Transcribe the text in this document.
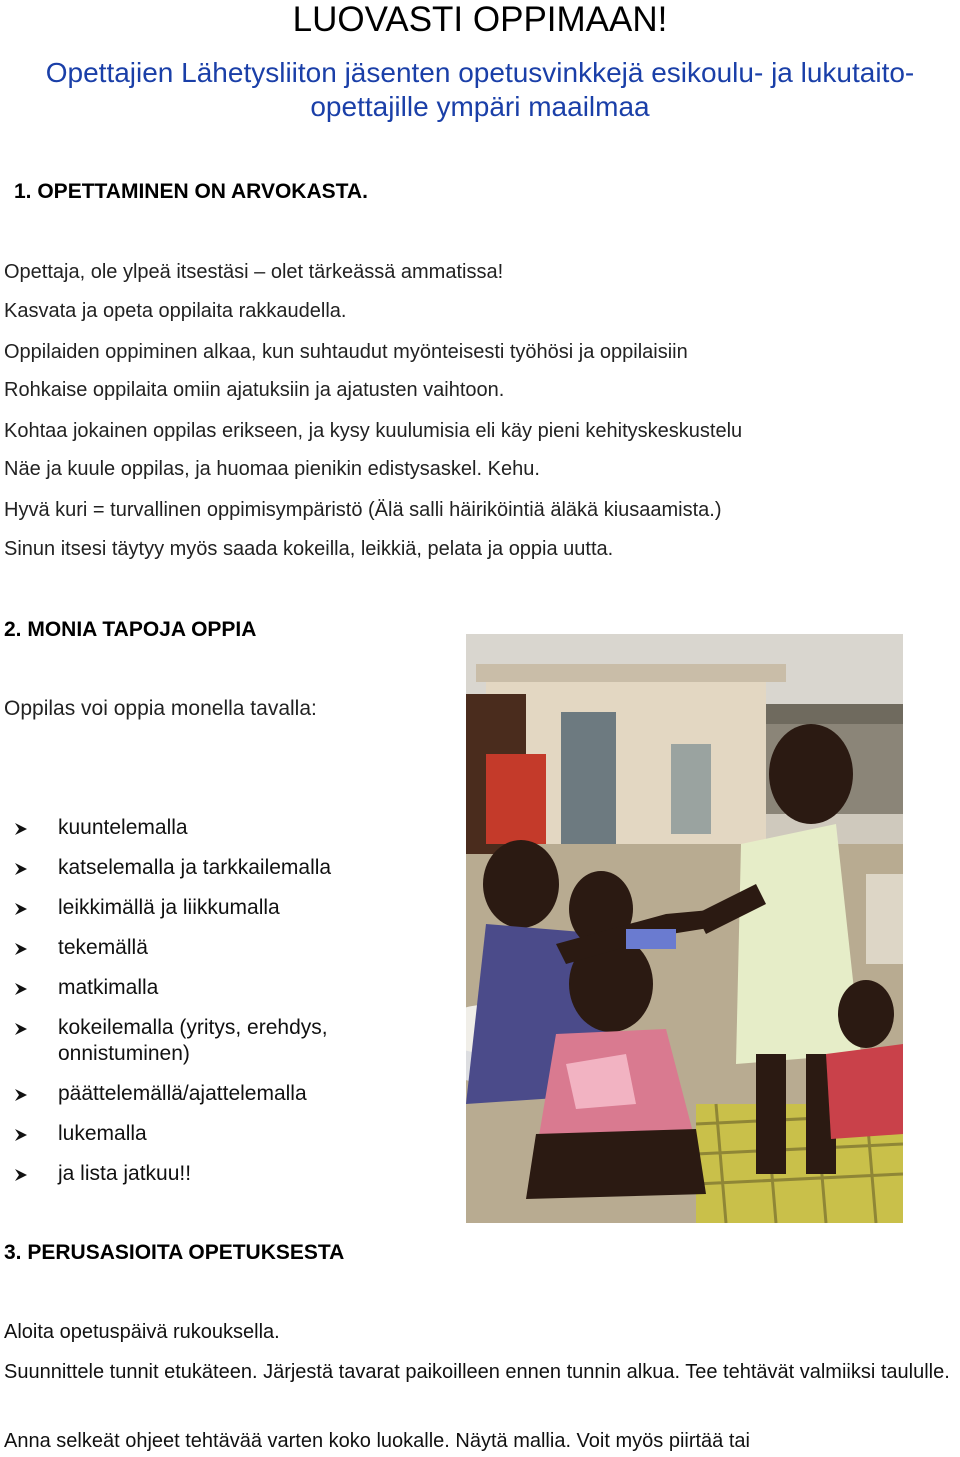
LUOVASTI OPPIMAAN!
Opettajien Lähetysliiton jäsenten opetusvinkkejä esikoulu- ja lukutaito-opettajille ympäri maailmaa
1. OPETTAMINEN ON ARVOKASTA.
Opettaja, ole ylpeä itsestäsi – olet tärkeässä ammatissa!
Kasvata ja opeta oppilaita rakkaudella.
Oppilaiden oppiminen alkaa, kun suhtaudut myönteisesti työhösi ja oppilaisiin
Rohkaise oppilaita omiin ajatuksiin ja ajatusten vaihtoon.
Kohtaa jokainen oppilas erikseen, ja kysy kuulumisia eli käy pieni kehityskeskustelu
Näe ja kuule oppilas, ja huomaa pienikin edistysaskel. Kehu.
Hyvä kuri = turvallinen oppimisympäristö (Älä salli häiriköintiä äläkä kiusaamista.)
Sinun itsesi täytyy myös saada kokeilla, leikkiä, pelata ja oppia uutta.
2. MONIA TAPOJA OPPIA
Oppilas voi oppia monella tavalla:
kuuntelemalla
katselemalla ja tarkkailemalla
leikkimällä ja liikkumalla
tekemällä
matkimalla
kokeilemalla (yritys, erehdys, onnistuminen)
päättelemällä/ajattelemalla
lukemalla
ja lista jatkuu!!
3. PERUSASIOITA OPETUKSESTA
Aloita opetuspäivä rukouksella.
Suunnittele tunnit etukäteen. Järjestä tavarat paikoilleen ennen tunnin alkua. Tee tehtävät valmiiksi taululle.
Anna selkeät ohjeet tehtävää varten koko luokalle. Näytä mallia. Voit myös piirtää tai
